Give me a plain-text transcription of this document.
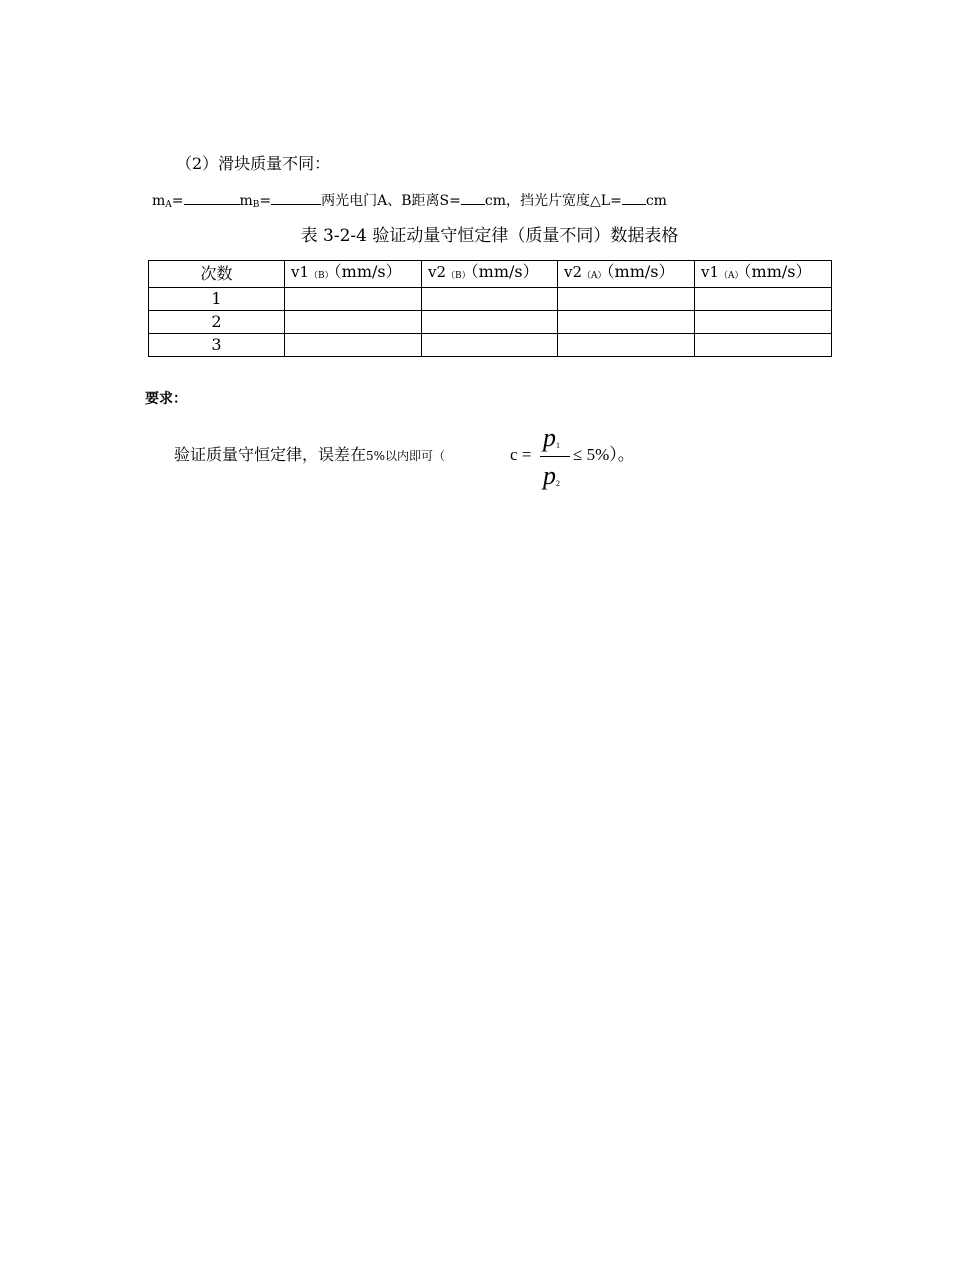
（2）滑块质量不同：
$m_A=$	$m_B=$	两光电门A、B距离S= cm，挡光片宽度△L= cm
表 3-2-4 验证动量守恒定律（质量不同）数据表格
次数	v1（B）（mm/s）	v2（B）（mm/s）	v2（A）（mm/s）	v1（A）（mm/s）
1				
2				
3				
要求：
验证质量守恒定律，误差在5%以内即可（	c =
$p_1$
$p_2$
≤ 5%）。
